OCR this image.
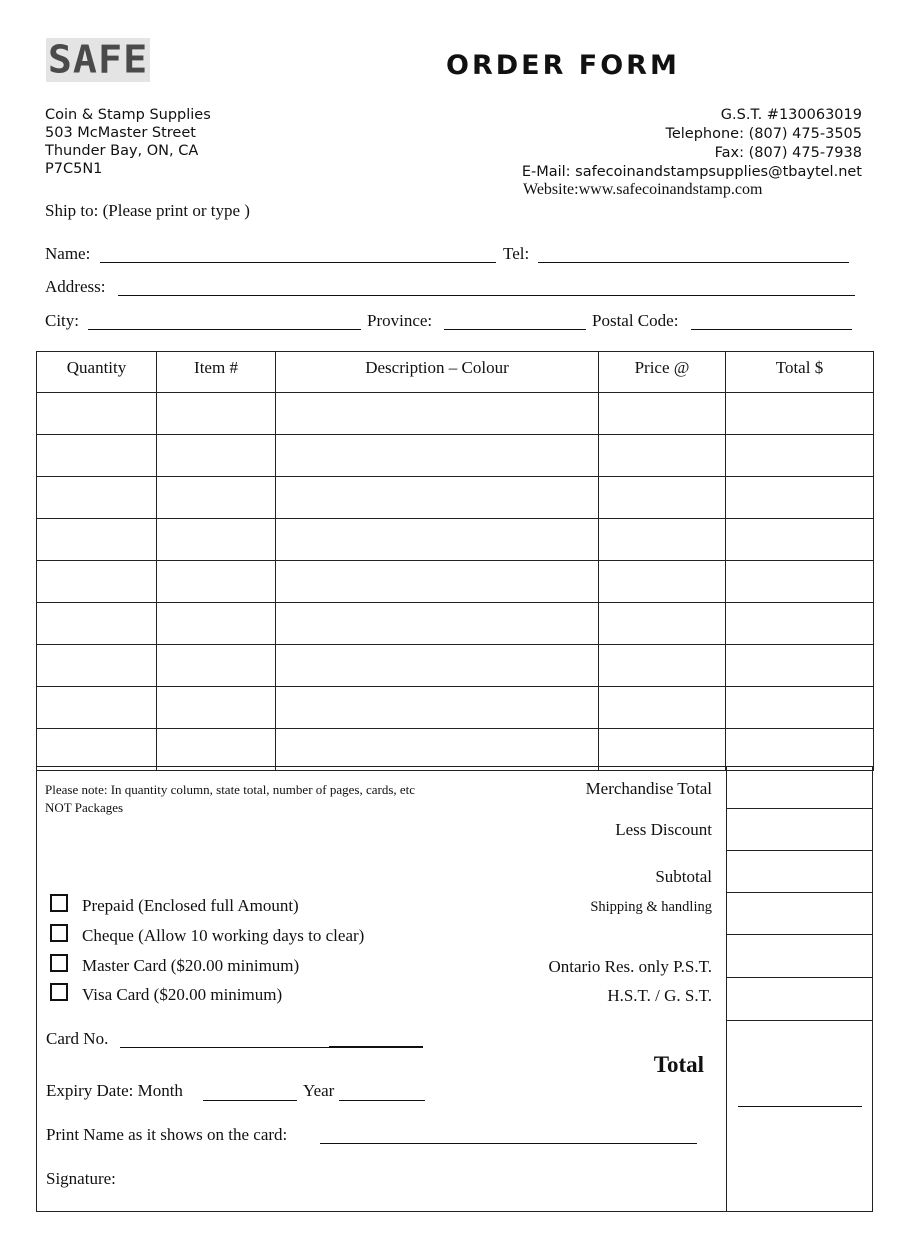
SAFE	ORDER FORM
Coin & Stamp Supplies
503 McMaster Street
Thunder Bay, ON, CA
P7C5N1
G.S.T. #130063019
Telephone: (807) 475-3505
Fax: (807) 475-7938
E-Mail: safecoinandstampsupplies@tbaytel.net
Website:www.safecoinandstamp.com
Ship to: (Please print or type )
Name:	Tel:
Address:
City:	Province:	Postal Code:
Quantity	Item #	Description – Colour	Price @	Total $

Please note: In quantity column, state total, number of pages, cards, etc
NOT Packages
Merchandise Total
Less Discount
Subtotal
Shipping & handling
Ontario Res. only P.S.T.
H.S.T. / G. S.T.
Total
Prepaid (Enclosed full Amount)
Cheque (Allow 10 working days to clear)
Master Card ($20.00 minimum)
Visa Card ($20.00 minimum)
Card No.
Expiry Date: Month	Year
Print Name as it shows on the card:
Signature:
